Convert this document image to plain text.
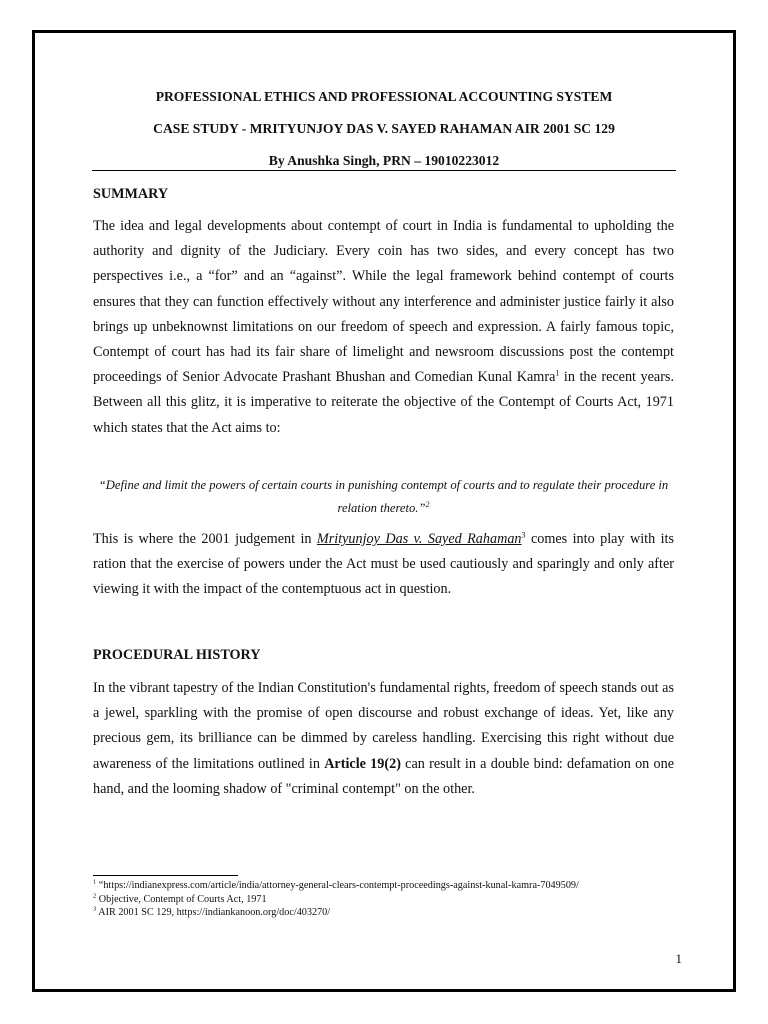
PROFESSIONAL ETHICS AND PROFESSIONAL ACCOUNTING SYSTEM
CASE STUDY - MRITYUNJOY DAS V. SAYED RAHAMAN AIR 2001 SC 129
By Anushka Singh, PRN – 19010223012
SUMMARY
The idea and legal developments about contempt of court in India is fundamental to upholding the authority and dignity of the Judiciary. Every coin has two sides, and every concept has two perspectives i.e., a “for” and an “against”. While the legal framework behind contempt of courts ensures that they can function effectively without any interference and administer justice fairly it also brings up unbeknownst limitations on our freedom of speech and expression. A fairly famous topic, Contempt of court has had its fair share of limelight and newsroom discussions post the contempt proceedings of Senior Advocate Prashant Bhushan and Comedian Kunal Kamra$^1$ in the recent years. Between all this glitz, it is imperative to reiterate the objective of the Contempt of Courts Act, 1971 which states that the Act aims to:
“Define and limit the powers of certain courts in punishing contempt of courts and to regulate their procedure in relation thereto.”$^2$
This is where the 2001 judgement in Mrityunjoy Das v. Sayed Rahaman$^3$ comes into play with its ration that the exercise of powers under the Act must be used cautiously and sparingly and only after viewing it with the impact of the contemptuous act in question.
PROCEDURAL HISTORY
In the vibrant tapestry of the Indian Constitution's fundamental rights, freedom of speech stands out as a jewel, sparkling with the promise of open discourse and robust exchange of ideas. Yet, like any precious gem, its brilliance can be dimmed by careless handling. Exercising this right without due awareness of the limitations outlined in Article 19(2) can result in a double bind: defamation on one hand, and the looming shadow of "criminal contempt" on the other.
$^1$ “https://indianexpress.com/article/india/attorney-general-clears-contempt-proceedings-against-kunal-kamra-7049509/
$^2$ Objective, Contempt of Courts Act, 1971
$^3$ AIR 2001 SC 129, https://indiankanoon.org/doc/403270/
1
